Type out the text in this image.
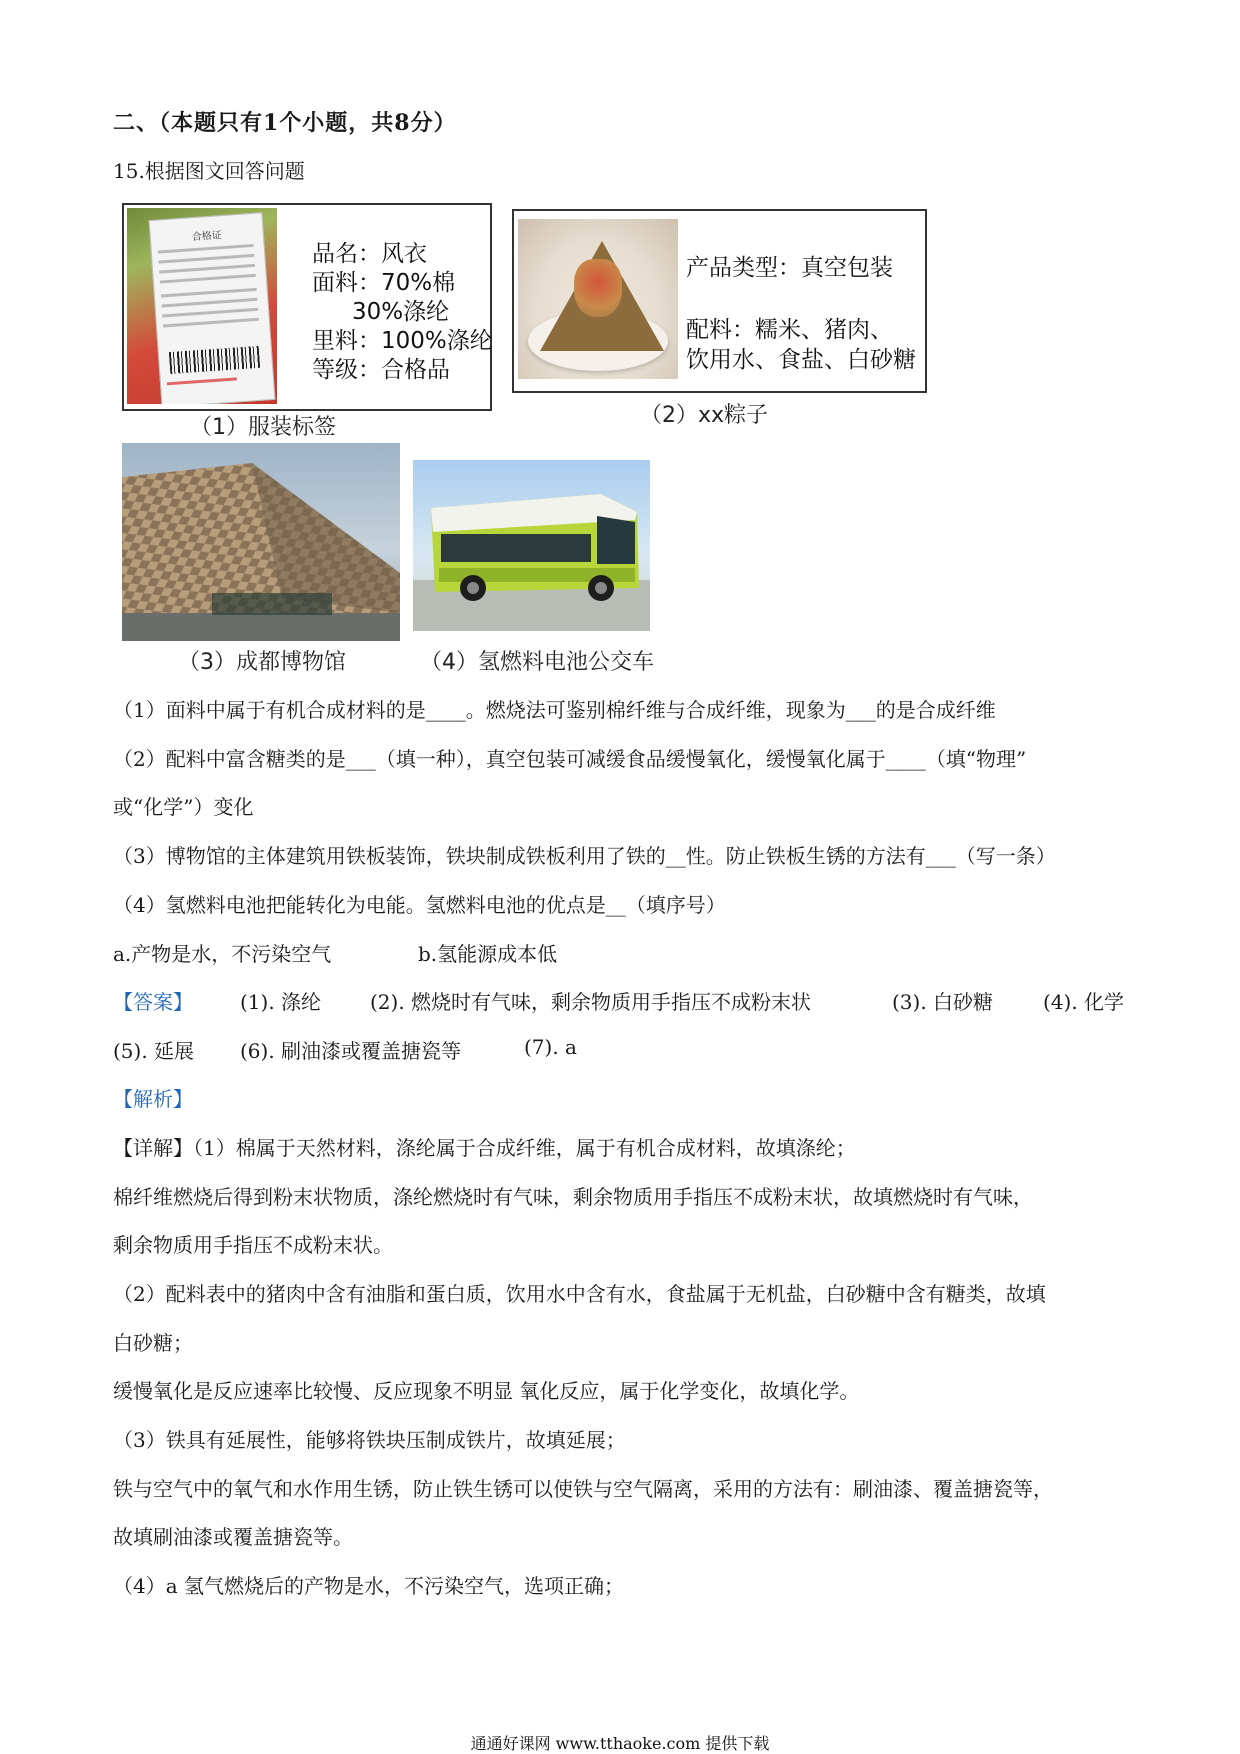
二、（本题只有1个小题，共8分）
15.根据图文回答问题
合格证
品名：风衣
面料：70%棉
30%涤纶
里料：100%涤纶
等级：合格品
（1）服装标签
产品类型：真空包装
配料：糯米、猪肉、
饮用水、食盐、白砂糖
（2）xx粽子
（3）成都博物馆	（4）氢燃料电池公交车
（1）面料中属于有机合成材料的是____。燃烧法可鉴别棉纤维与合成纤维，现象为___的是合成纤维
（2）配料中富含糖类的是___（填一种），真空包装可减缓食品缓慢氧化，缓慢氧化属于____（填“物理”
或“化学”）变化
（3）博物馆的主体建筑用铁板装饰，铁块制成铁板利用了铁的__性。防止铁板生锈的方法有___（写一条）
（4）氢燃料电池把能转化为电能。氢燃料电池的优点是__（填序号）
a.产物是水，不污染空气	b.氢能源成本低
【答案】 (1). 涤纶 (2). 燃烧时有气味，剩余物质用手指压不成粉末状	(3). 白砂糖 (4). 化学
(5). 延展 (6). 刷油漆或覆盖搪瓷等	(7). a
【解析】
【详解】（1）棉属于天然材料，涤纶属于合成纤维，属于有机合成材料，故填涤纶；
棉纤维燃烧后得到粉末状物质，涤纶燃烧时有气味，剩余物质用手指压不成粉末状，故填燃烧时有气味，
剩余物质用手指压不成粉末状。
（2）配料表中的猪肉中含有油脂和蛋白质，饮用水中含有水，食盐属于无机盐，白砂糖中含有糖类，故填
白砂糖；
缓慢氧化是反应速率比较慢、反应现象不明显 氧化反应，属于化学变化，故填化学。
（3）铁具有延展性，能够将铁块压制成铁片，故填延展；
铁与空气中的氧气和水作用生锈，防止铁生锈可以使铁与空气隔离，采用的方法有：刷油漆、覆盖搪瓷等，
故填刷油漆或覆盖搪瓷等。
（4）a 氢气燃烧后的产物是水，不污染空气，选项正确；
通通好课网 www.tthaoke.com 提供下载
